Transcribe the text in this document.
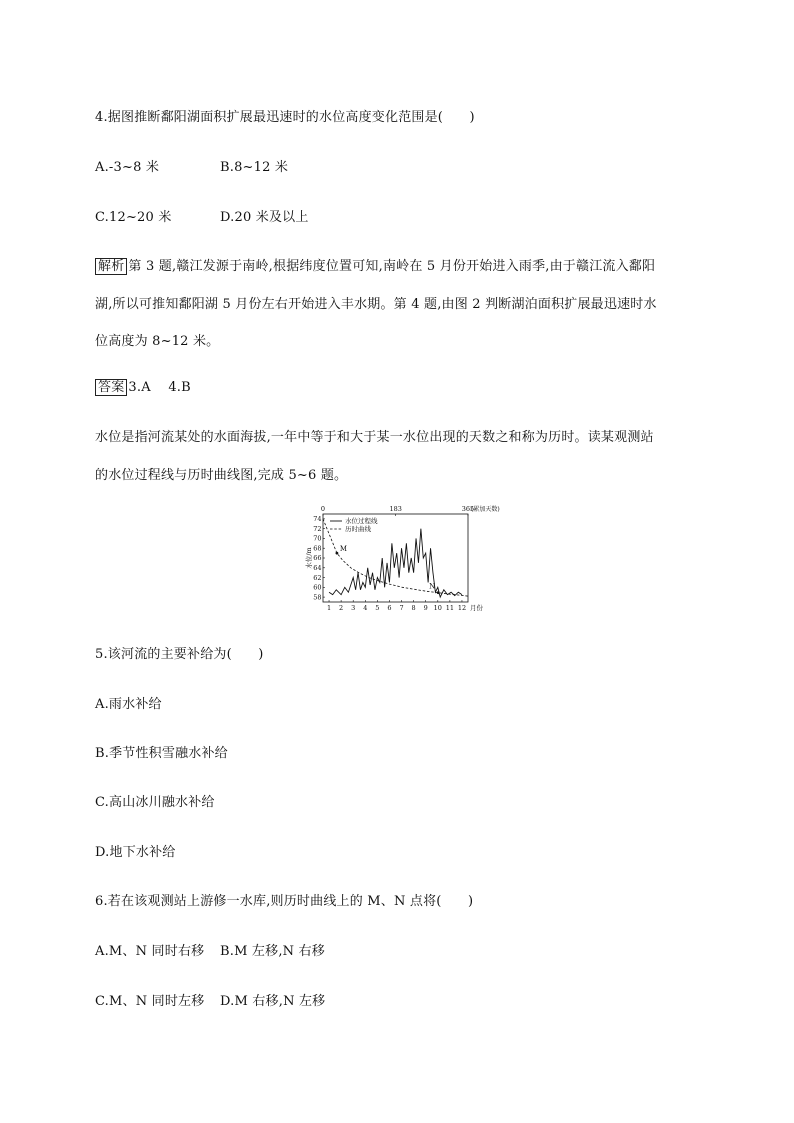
4.据图推断鄱阳湖面积扩展最迅速时的水位高度变化范围是(　　)
A.-3~8 米	B.8~12 米
C.12~20 米	D.20 米及以上
解析 第 3 题,赣江发源于南岭,根据纬度位置可知,南岭在 5 月份开始进入雨季,由于赣江流入鄱阳
湖,所以可推知鄱阳湖 5 月份左右开始进入丰水期。第 4 题,由图 2 判断湖泊面积扩展最迅速时水
位高度为 8~12 米。
答案 3.A　 4.B
水位是指河流某处的水面海拔,一年中等于和大于某一水位出现的天数之和称为历时。读某观测站
的水位过程线与历时曲线图,完成 5~6 题。
0	183	365
(累加天数)
58
60
62
64
66
68
70
72
74
水位/m
1 2 3 4 5 6 7 8 9 10 11 12 月份
水位过程线
历时曲线
M
N
5.该河流的主要补给为(　　)
A.雨水补给
B.季节性积雪融水补给
C.高山冰川融水补给
D.地下水补给
6.若在该观测站上游修一水库,则历时曲线上的 M、N 点将(　　)
A.M、N 同时右移 B.M 左移,N 右移
C.M、N 同时左移 D.M 右移,N 左移
